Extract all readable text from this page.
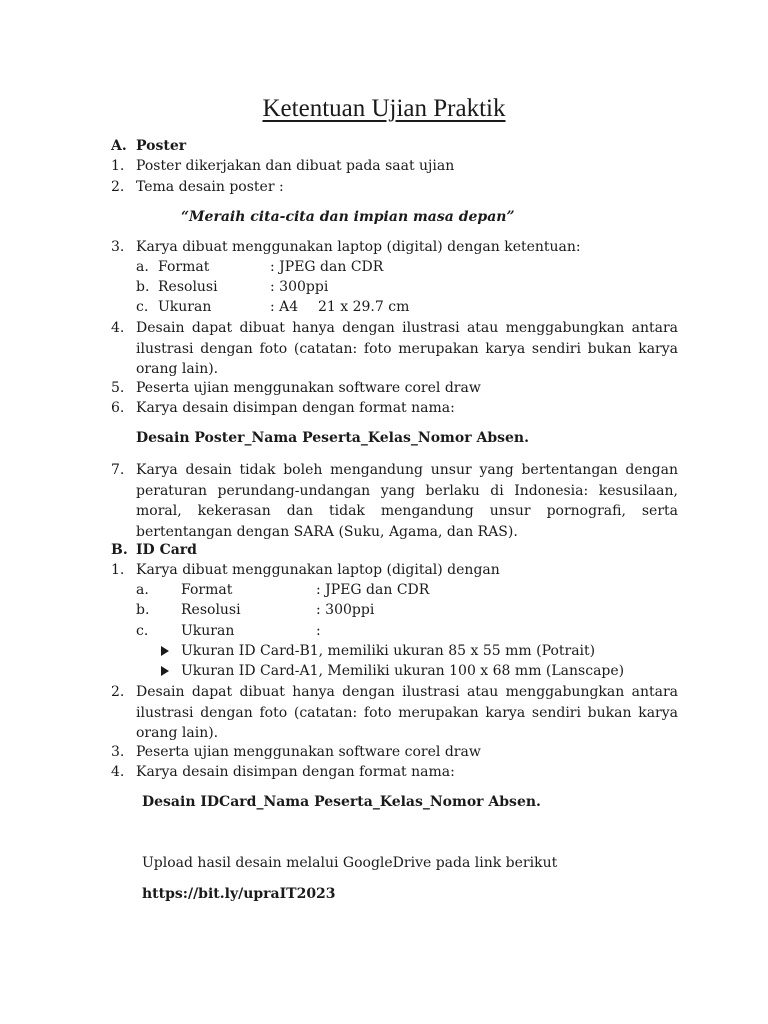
Ketentuan Ujian Praktik
A. Poster
1. Poster dikerjakan dan dibuat pada saat ujian
2. Tema desain poster :
“Meraih cita-cita dan impian masa depan”
3. Karya dibuat menggunakan laptop (digital) dengan ketentuan:
a. Format	: JPEG dan CDR
b. Resolusi	: 300ppi
c. Ukuran	: A4 21 x 29.7 cm
4. Desain dapat dibuat hanya dengan ilustrasi atau menggabungkan antara ilustrasi dengan foto (catatan: foto merupakan karya sendiri bukan karya orang lain).
5. Peserta ujian menggunakan software corel draw
6. Karya desain disimpan dengan format nama:
Desain Poster_Nama Peserta_Kelas_Nomor Absen.
7. Karya desain tidak boleh mengandung unsur yang bertentangan dengan peraturan perundang-undangan yang berlaku di Indonesia: kesusilaan, moral, kekerasan dan tidak mengandung unsur pornografi, serta bertentangan dengan SARA (Suku, Agama, dan RAS).
B. ID Card
1. Karya dibuat menggunakan laptop (digital) dengan
a. Format	: JPEG dan CDR
b. Resolusi	: 300ppi
c. Ukuran	:
Ukuran ID Card-B1, memiliki ukuran 85 x 55 mm (Potrait)
Ukuran ID Card-A1, Memiliki ukuran 100 x 68 mm (Lanscape)
2. Desain dapat dibuat hanya dengan ilustrasi atau menggabungkan antara ilustrasi dengan foto (catatan: foto merupakan karya sendiri bukan karya orang lain).
3. Peserta ujian menggunakan software corel draw
4. Karya desain disimpan dengan format nama:
Desain IDCard_Nama Peserta_Kelas_Nomor Absen.
Upload hasil desain melalui GoogleDrive pada link berikut
https://bit.ly/upraIT2023
